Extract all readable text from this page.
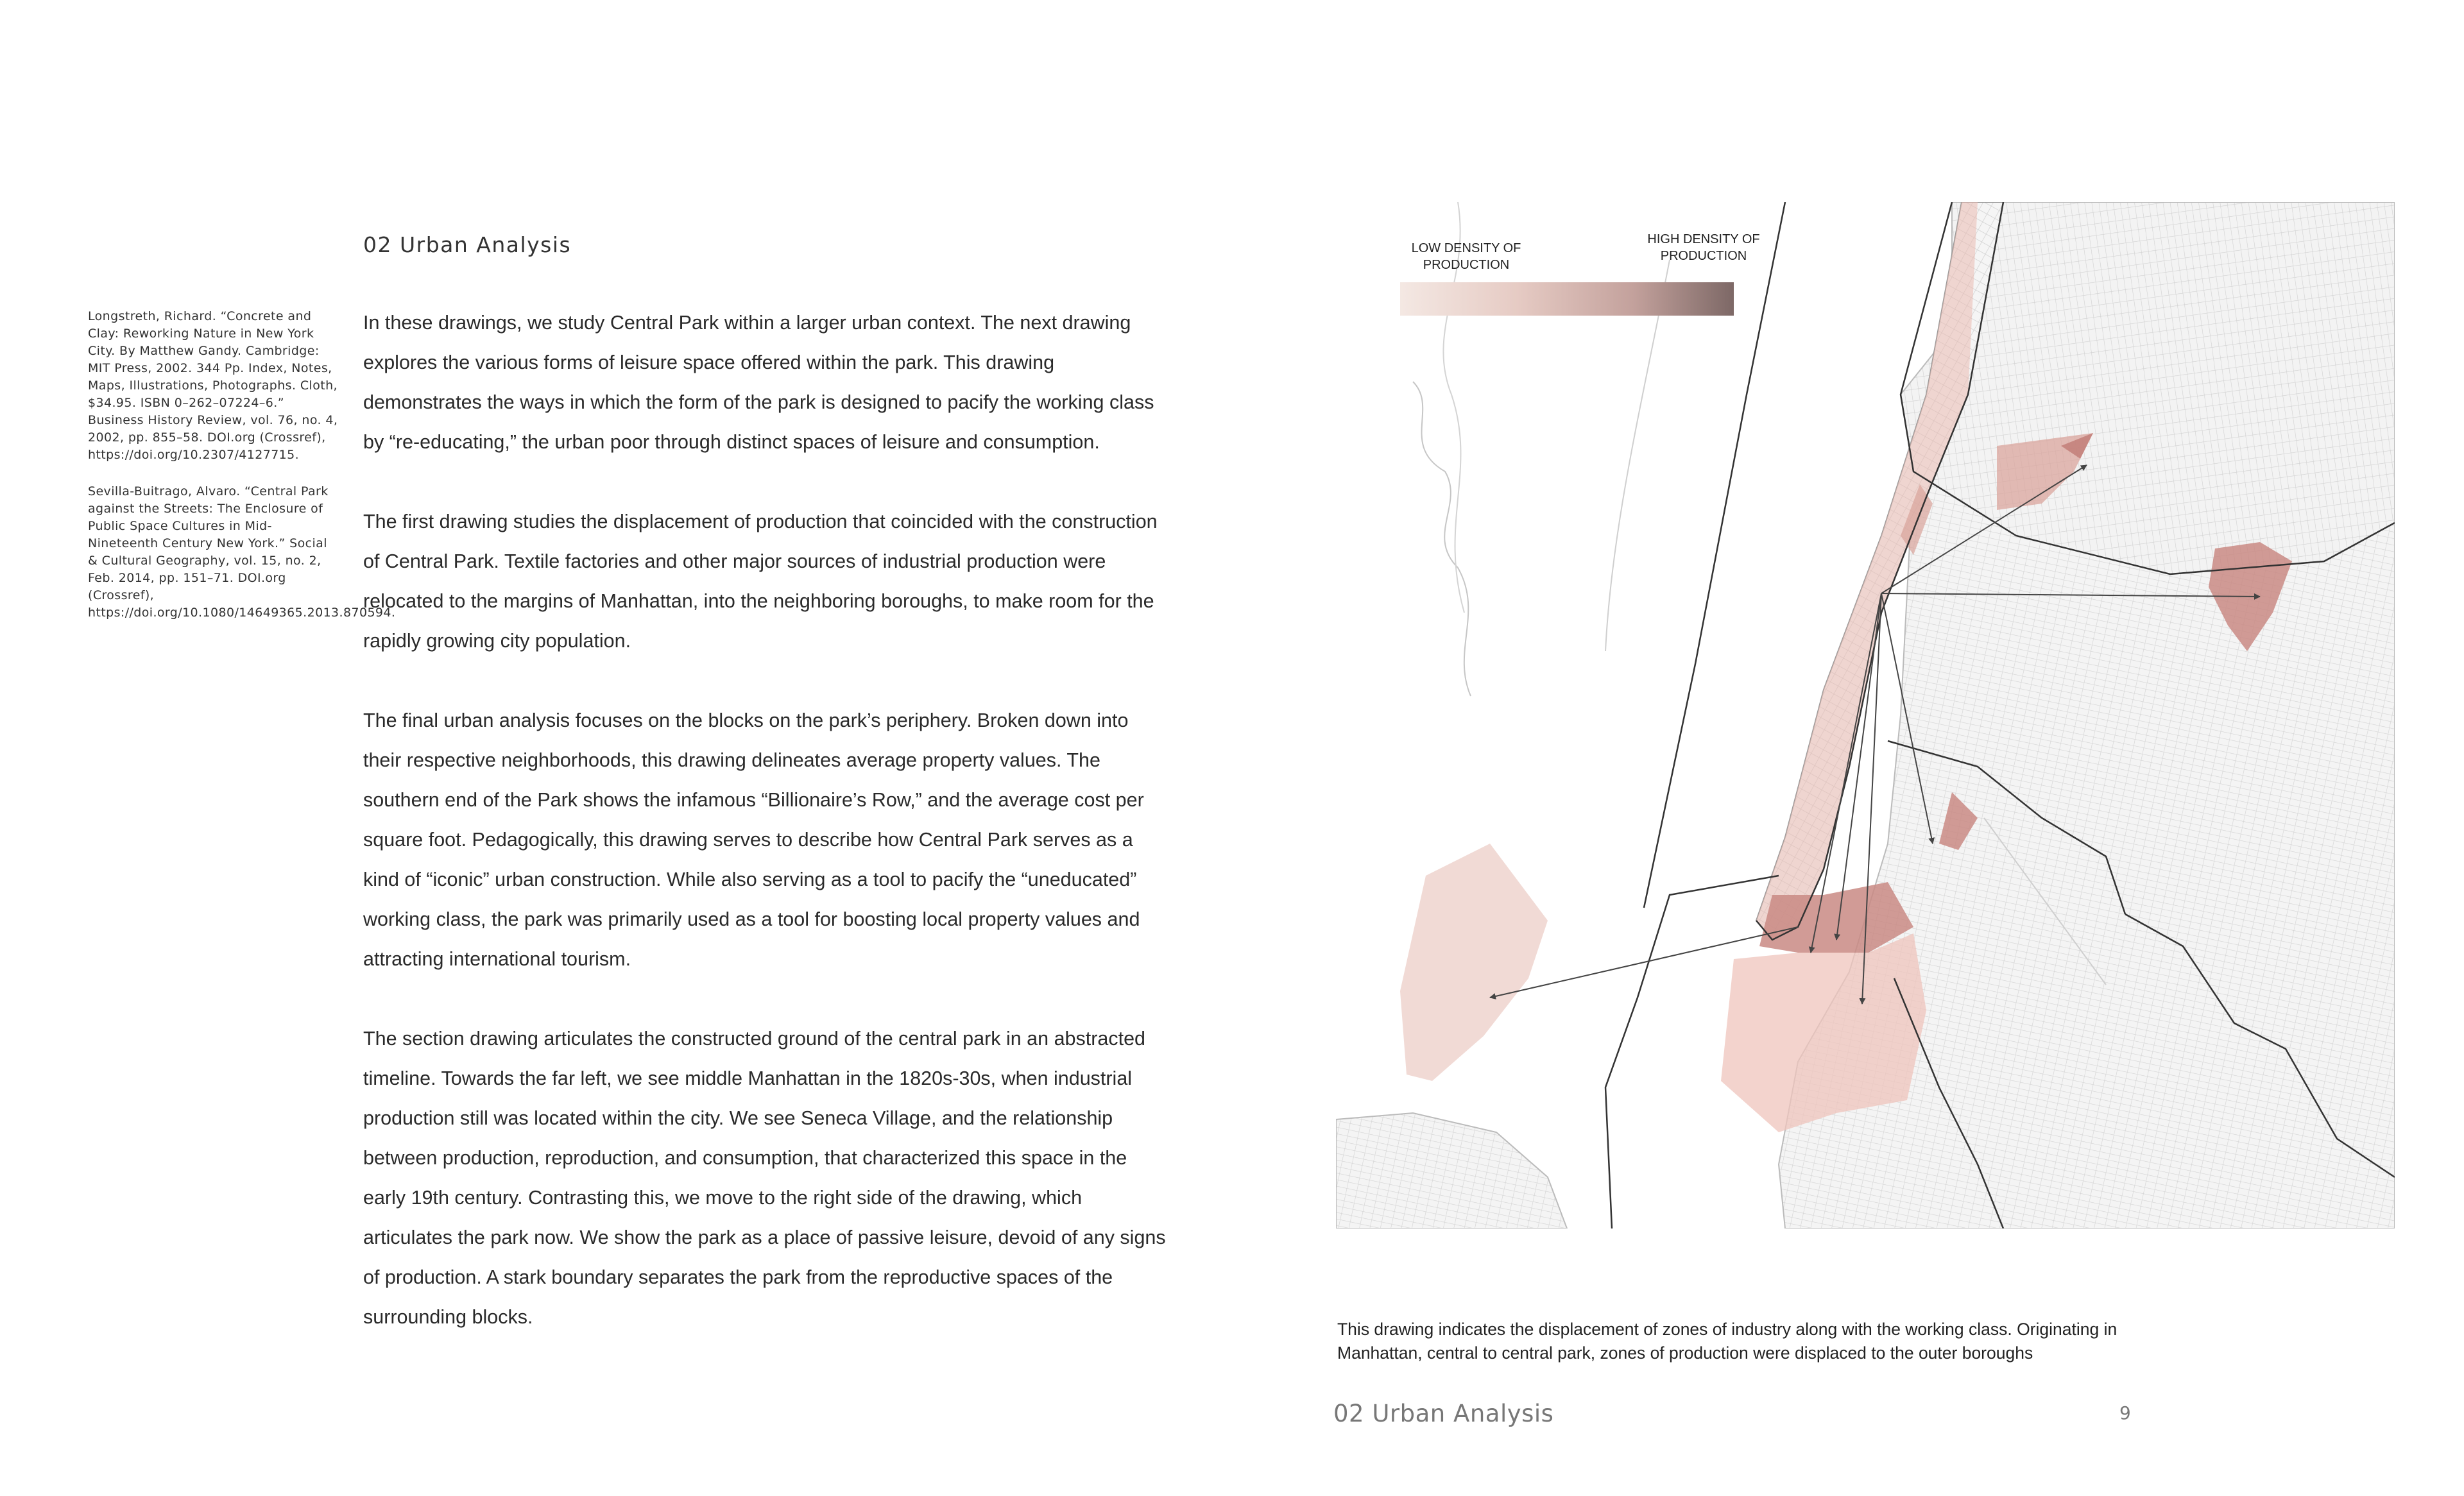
Longstreth, Richard. “Concrete and Clay: Reworking Nature in New York City. By Matthew Gandy. Cambridge: MIT Press, 2002. 344 Pp. Index, Notes, Maps, Illustrations, Photographs. Cloth, $34.95. ISBN 0–262–07224–6.” Business History Review, vol. 76, no. 4, 2002, pp. 855–58. DOI.org (Crossref), https://doi.org/10.2307/4127715.

Sevilla-Buitrago, Alvaro. “Central Park against the Streets: The Enclosure of Public Space Cultures in Mid-Nineteenth Century New York.” Social & Cultural Geography, vol. 15, no. 2, Feb. 2014, pp. 151–71. DOI.org (Crossref), https://doi.org/10.1080/14649365.2013.870594.

02 Urban Analysis

In these drawings, we study Central Park within a larger urban context. The next drawing explores the various forms of leisure space offered within the park. This drawing demonstrates the ways in which the form of the park is designed to pacify the working class by “re-educating,” the urban poor through distinct spaces of leisure and consumption.

The first drawing studies the displacement of production that coincided with the construction of Central Park. Textile factories and other major sources of industrial production were relocated to the margins of Manhattan, into the neighboring boroughs, to make room for the rapidly growing city population.

The final urban analysis focuses on the blocks on the park’s periphery. Broken down into their respective neighborhoods, this drawing delineates average property values. The southern end of the Park shows the infamous “Billionaire’s Row,” and the average cost per square foot. Pedagogically, this drawing serves to describe how Central Park serves as a kind of “iconic” urban construction. While also serving as a tool to pacify the “uneducated” working class, the park was primarily used as a tool for boosting local property values and attracting international tourism.

The section drawing articulates the constructed ground of the central park in an abstracted timeline. Towards the far left, we see middle Manhattan in the 1820s-30s, when industrial production still was located within the city. We see Seneca Village, and the relationship between production, reproduction, and consumption, that characterized this space in the early 19th century. Contrasting this, we move to the right side of the drawing, which articulates the park now. We show the park as a place of passive leisure, devoid of any signs of production. A stark boundary separates the park from the reproductive spaces of the surrounding blocks.

LOW DENSITY OF PRODUCTION
HIGH DENSITY OF PRODUCTION
This drawing indicates the displacement of zones of industry along with the working class. Originating in Manhattan, central to central park, zones of production were displaced to the outer boroughs
02 Urban Analysis	9
